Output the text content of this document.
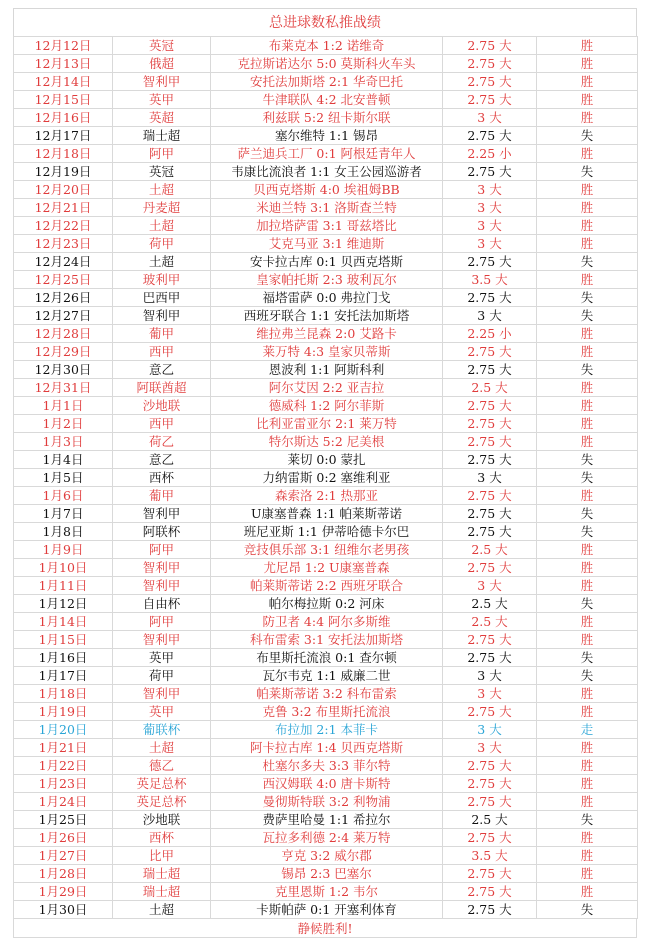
总进球数私推战绩
12月12日	英冠	布莱克本 1:2 诺维奇	2.75 大	胜
12月13日	俄超	克拉斯诺达尔 5:0 莫斯科火车头	2.75 大	胜
12月14日	智利甲	安托法加斯塔 2:1 华奇巴托	2.75 大	胜
12月15日	英甲	牛津联队 4:2 北安普顿	2.75 大	胜
12月16日	英超	利兹联 5:2 纽卡斯尔联	3 大	胜
12月17日	瑞士超	塞尔维特 1:1 锡昂	2.75 大	失
12月18日	阿甲	萨兰迪兵工厂 0:1 阿根廷青年人	2.25 小	胜
12月19日	英冠	韦康比流浪者 1:1 女王公园巡游者	2.75 大	失
12月20日	土超	贝西克塔斯 4:0 埃祖姆BB	3 大	胜
12月21日	丹麦超	米迪兰特 3:1 洛斯查兰特	3 大	胜
12月22日	土超	加拉塔萨雷 3:1 哥兹塔比	3 大	胜
12月23日	荷甲	艾克马亚 3:1 维迪斯	3 大	胜
12月24日	土超	安卡拉古库 0:1 贝西克塔斯	2.75 大	失
12月25日	玻利甲	皇家帕托斯 2:3 玻利瓦尔	3.5 大	胜
12月26日	巴西甲	福塔雷萨 0:0 弗拉门戈	2.75 大	失
12月27日	智利甲	西班牙联合 1:1 安托法加斯塔	3 大	失
12月28日	葡甲	维拉弗兰昆森 2:0 艾路卡	2.25 小	胜
12月29日	西甲	莱万特 4:3 皇家贝蒂斯	2.75 大	胜
12月30日	意乙	恩波利 1:1 阿斯科利	2.75 大	失
12月31日	阿联酋超	阿尔艾因 2:2 亚吉拉	2.5 大	胜
1月1日	沙地联	德威科 1:2 阿尔菲斯	2.75 大	胜
1月2日	西甲	比利亚雷亚尔 2:1 莱万特	2.75 大	胜
1月3日	荷乙	特尔斯达 5:2 尼美根	2.75 大	胜
1月4日	意乙	莱切 0:0 蒙扎	2.75 大	失
1月5日	西杯	力纳雷斯 0:2 塞维利亚	3 大	失
1月6日	葡甲	森索洛 2:1 热那亚	2.75 大	胜
1月7日	智利甲	U康塞普森 1:1 帕莱斯蒂诺	2.75 大	失
1月8日	阿联杯	班尼亚斯 1:1 伊蒂哈德卡尔巴	2.75 大	失
1月9日	阿甲	竞技俱乐部 3:1 纽维尔老男孩	2.5 大	胜
1月10日	智利甲	尤尼昂 1:2 U康塞普森	2.75 大	胜
1月11日	智利甲	帕莱斯蒂诺 2:2 西班牙联合	3 大	胜
1月12日	自由杯	帕尔梅拉斯 0:2 河床	2.5 大	失
1月14日	阿甲	防卫者 4:4 阿尔多斯维	2.5 大	胜
1月15日	智利甲	科布雷索 3:1 安托法加斯塔	2.75 大	胜
1月16日	英甲	布里斯托流浪 0:1 查尔顿	2.75 大	失
1月17日	荷甲	瓦尔韦克 1:1 威廉二世	3 大	失
1月18日	智利甲	帕莱斯蒂诺 3:2 科布雷索	3 大	胜
1月19日	英甲	克鲁 3:2 布里斯托流浪	2.75 大	胜
1月20日	葡联杯	布拉加 2:1 本菲卡	3 大	走
1月21日	土超	阿卡拉古库 1:4 贝西克塔斯	3 大	胜
1月22日	德乙	杜塞尔多夫 3:3 菲尔特	2.75 大	胜
1月23日	英足总杯	西汉姆联 4:0 唐卡斯特	2.75 大	胜
1月24日	英足总杯	曼彻斯特联 3:2 利物浦	2.75 大	胜
1月25日	沙地联	费萨里哈曼 1:1 希拉尔	2.5 大	失
1月26日	西杯	瓦拉多利德 2:4 莱万特	2.75 大	胜
1月27日	比甲	亨克 3:2 威尔郡	3.5 大	胜
1月28日	瑞士超	锡昂 2:3 巴塞尔	2.75 大	胜
1月29日	瑞士超	克里恩斯 1:2 韦尔	2.75 大	胜
1月30日	土超	卡斯帕萨 0:1 开塞利体育	2.75 大	失
静候胜利!
